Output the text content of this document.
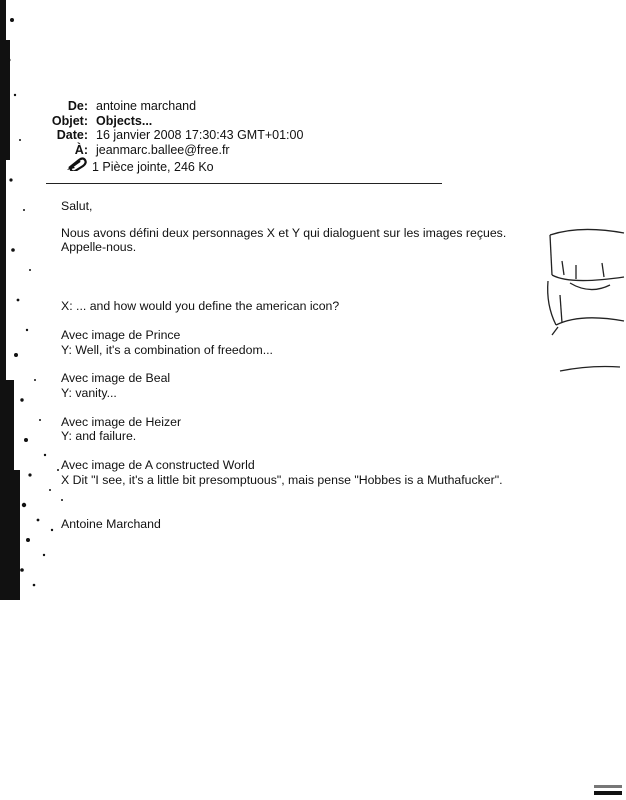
De: antoine marchand
Objet: Objects...
Date: 16 janvier 2008 17:30:43 GMT+01:00
À: jeanmarc.ballee@free.fr
1 Pièce jointe, 246 Ko

Salut,

Nous avons défini deux personnages X et Y qui dialoguent sur les images reçues.

Appelle-nous.

X: ... and how would you define the american icon?

Avec image de Prince

Y: Well, it's a combination of freedom...

Avec image de Beal

Y: vanity...

Avec image de Heizer

Y: and failure.

Avec image de A constructed World

X Dit "I see, it's a little bit presomptuous", mais pense "Hobbes is a Muthafucker".

Antoine Marchand
